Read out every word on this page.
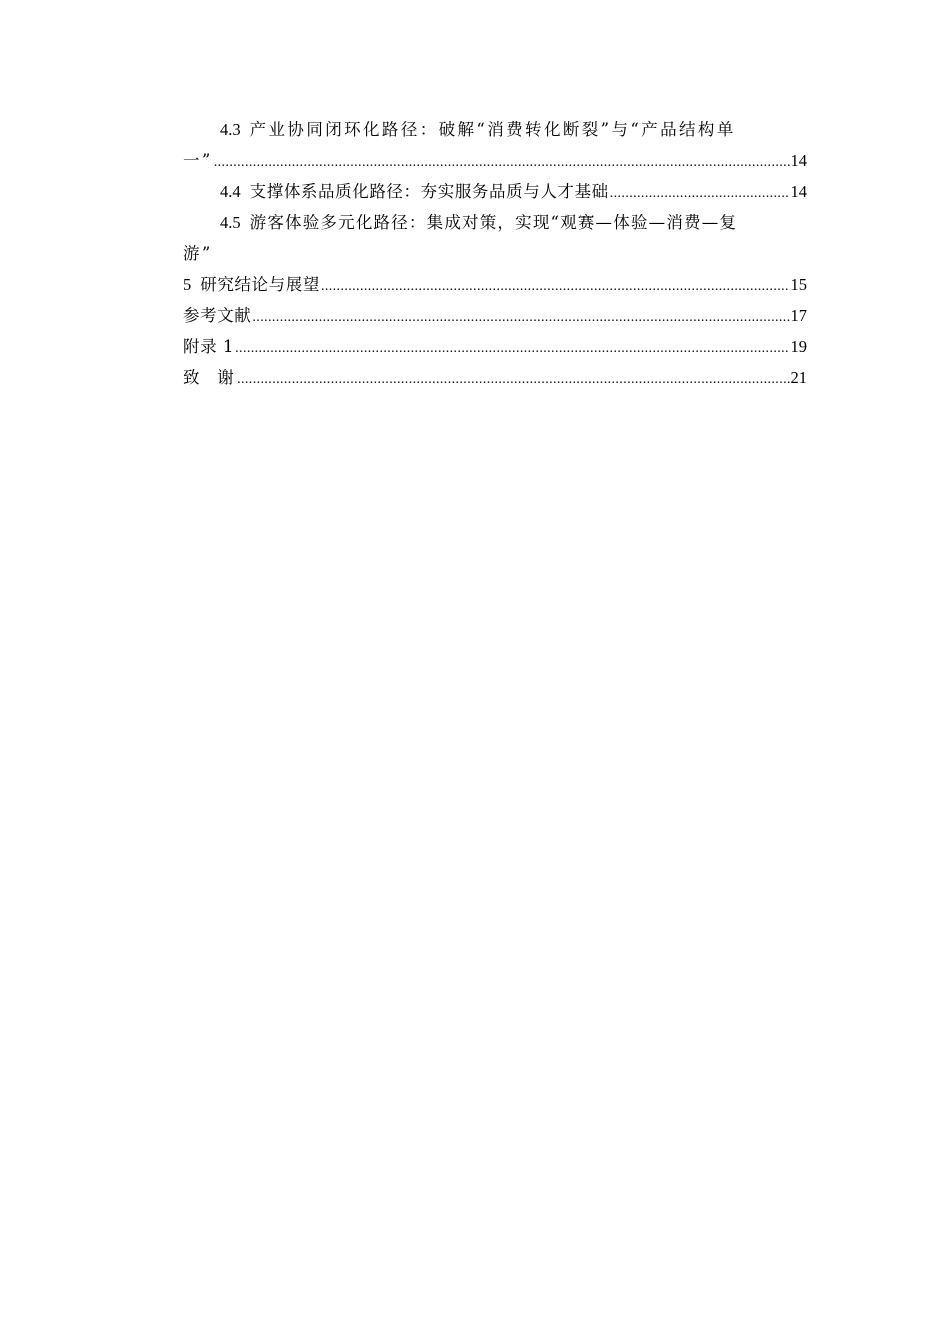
4.3 产业协同闭环化路径：破解“消费转化断裂”与“产品结构单
一” .....	14
4.4 支撑体系品质化路径：夯实服务品质与人才基础 .....	14
4.5 游客体验多元化路径：集成对策，实现“观赛—体验—消费—复
游”
5 研究结论与展望 .....	15
参考文献 .....	17
附录 1 .....	19
致  谢 .....	21
